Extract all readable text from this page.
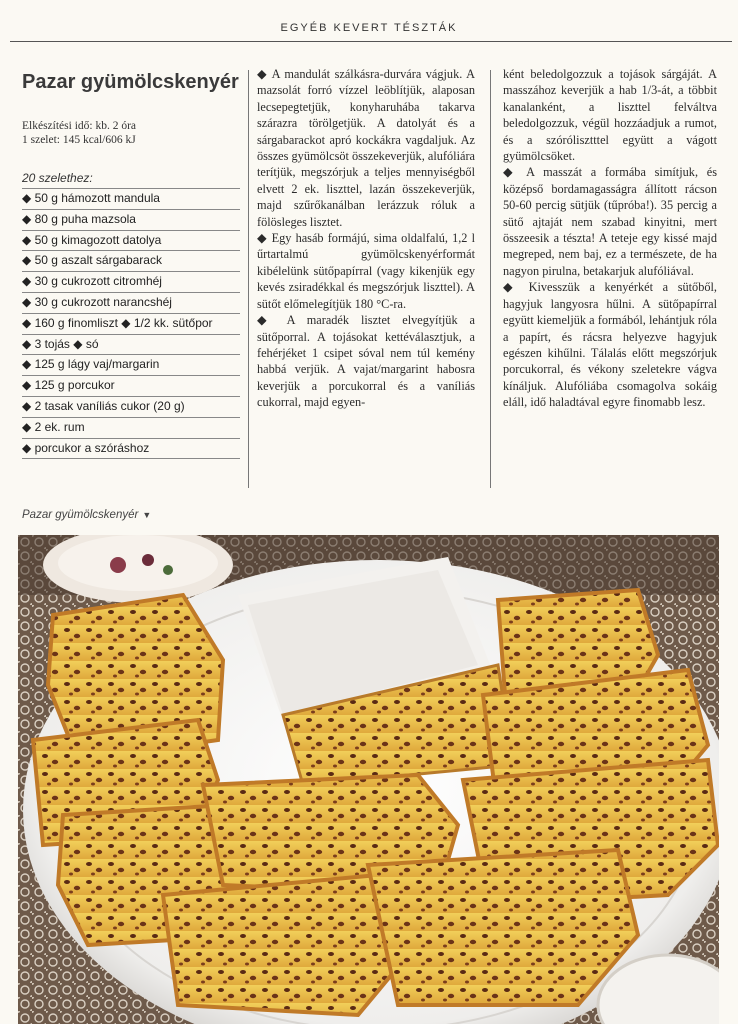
EGYÉB KEVERT TÉSZTÁK
Pazar gyümölcskenyér
Elkészítési idő: kb. 2 óra
1 szelet: 145 kcal/606 kJ
20 szelethez:
◆ 50 g hámozott mandula
◆ 80 g puha mazsola
◆ 50 g kimagozott datolya
◆ 50 g aszalt sárgabarack
◆ 30 g cukrozott citromhéj
◆ 30 g cukrozott narancshéj
◆ 160 g finomliszt ◆ 1/2 kk. sütőpor
◆ 3 tojás ◆ só
◆ 125 g lágy vaj/margarin
◆ 125 g porcukor
◆ 2 tasak vaníliás cukor (20 g)
◆ 2 ek. rum
◆ porcukor a szóráshoz

◆ A mandulát szálkásra-durvára vágjuk. A mazsolát forró vízzel leöblítjük, alaposan lecsepegtetjük, konyharuhába takarva szárazra törölgetjük. A datolyát és a sárgabarackot apró kockákra vagdaljuk. Az összes gyümölcsöt összekeverjük, alufóliára terítjük, megszórjuk a teljes mennyiségből elvett 2 ek. liszttel, lazán összekeverjük, majd szűrőkanálban lerázzuk róluk a fölösleges lisztet.

◆ Egy hasáb formájú, sima oldalfalú, 1,2 l űrtartalmú gyümölcskenyérformát kibélelünk sütőpapírral (vagy kikenjük egy kevés zsiradékkal és megszórjuk liszttel). A sütőt előmelegítjük 180 °C-ra.

◆ A maradék lisztet elvegyítjük a sütőporral. A tojásokat kettéválasztjuk, a fehérjéket 1 csipet sóval nem túl kemény habbá verjük. A vajat/margarint habosra keverjük a porcukorral és a vaníliás cukorral, majd egyen-

ként beledolgozzuk a tojások sárgáját. A masszához keverjük a hab 1/3-át, a többit kanalanként, a liszttel felváltva beledolgozzuk, végül hozzáadjuk a rumot, és a szórólisztttel együtt a vágott gyümölcsöket.

◆ A masszát a formába simítjuk, és középső bordamagasságra állított rácson 50-60 percig sütjük (tűpróba!). 35 percig a sütő ajtaját nem szabad kinyitni, mert összeesik a tészta! A teteje egy kissé majd megreped, nem baj, ez a természete, de ha nagyon pirulna, betakarjuk alufóliával.

◆ Kivesszük a kenyérkét a sütőből, hagyjuk langyosra hűlni. A sütőpapírral együtt kiemeljük a formából, lehántjuk róla a papírt, és rácsra helyezve hagyjuk egészen kihűlni. Tálalás előtt megszórjuk porcukorral, és vékony szeletekre vágva kínáljuk. Alufóliába csomagolva sokáig eláll, idő haladtával egyre finomabb lesz.

Pazar gyümölcskenyér ▼
